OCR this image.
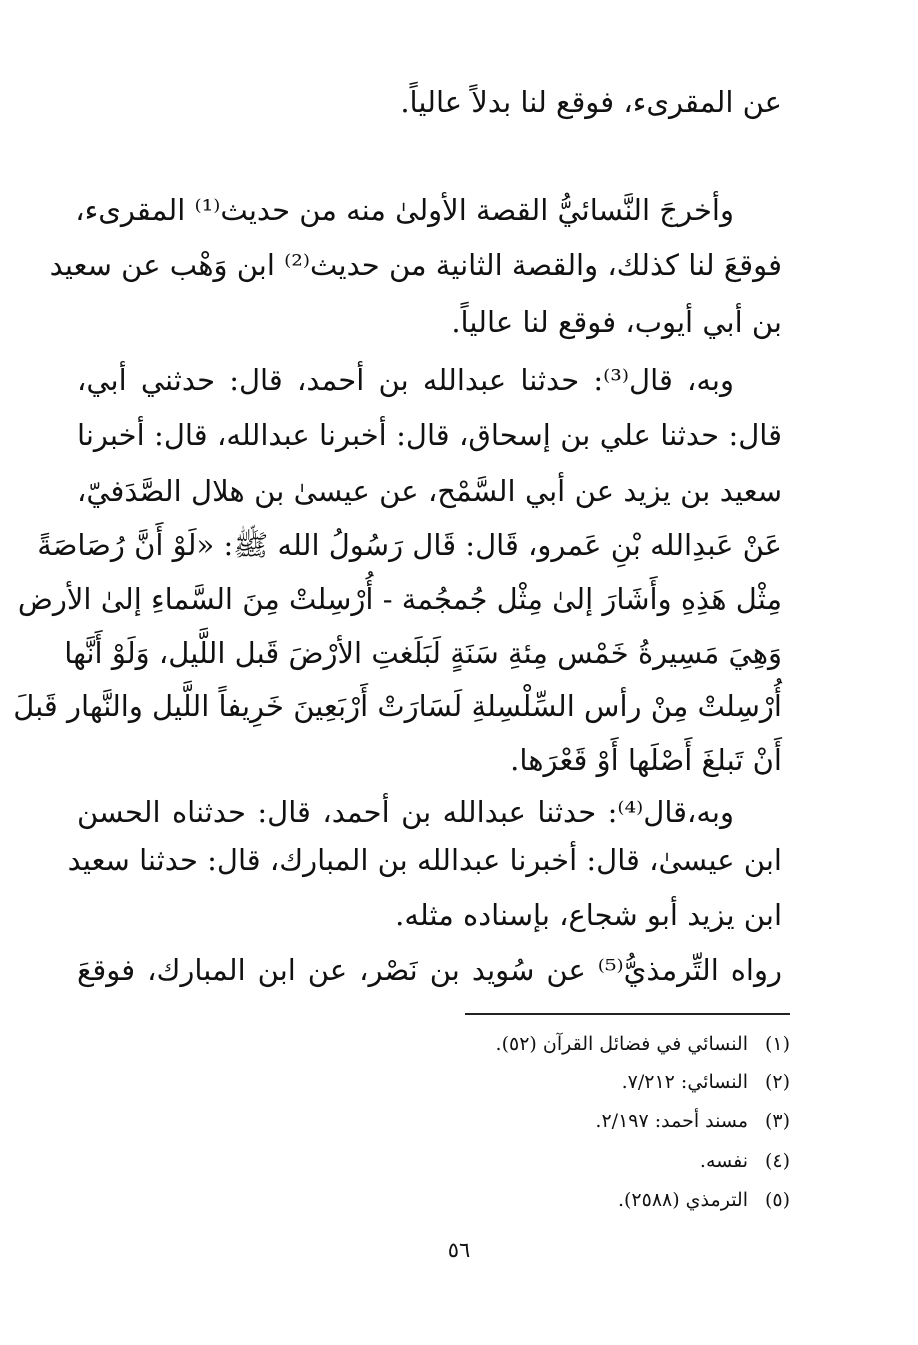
عن المقرىء، فوقع لنا بدلاً عالياً.
وأخرجَ النَّسائيُّ القصة الأولىٰ منه من حديث⁽¹⁾ المقرىء،
فوقعَ لنا كذلك، والقصة الثانية من حديث⁽²⁾ ابن وَهْب عن سعيد
بن أبي أيوب، فوقع لنا عالياً.
وبه، قال⁽³⁾: حدثنا عبدالله بن أحمد، قال: حدثني أبي،
قال: حدثنا علي بن إسحاق، قال: أخبرنا عبدالله، قال: أخبرنا
سعيد بن يزيد عن أبي السَّمْح، عن عيسىٰ بن هلال الصَّدَفيّ،
عَنْ عَبدِالله بْنِ عَمرو، قَال: قَال رَسُولُ الله ﷺ: «لَوْ أَنَّ رُصَاصَةً
مِثْل هَذِهِ وأَشَارَ إلىٰ مِثْل جُمجُمة - أُرْسِلتْ مِنَ السَّماءِ إلىٰ الأرض
وَهِيَ مَسِيرةُ خَمْس مِئةِ سَنَةٍ لَبَلَغتِ الأرْضَ قَبل اللَّيل، وَلَوْ أَنَّها
أُرْسِلتْ مِنْ رأس السِّلْسِلةِ لَسَارَتْ أَرْبَعِينَ خَرِيفاً اللَّيل والنَّهار قَبلَ
أَنْ تَبلغَ أَصْلَها أَوْ قَعْرَها.
وبه،قال⁽⁴⁾: حدثنا عبدالله بن أحمد، قال: حدثناه الحسن
ابن عيسىٰ، قال: أخبرنا عبدالله بن المبارك، قال: حدثنا سعيد
ابن يزيد أبو شجاع، بإسناده مثله.
رواه التِّرمذيُّ⁽⁵⁾ عن سُويد بن نَصْر، عن ابن المبارك، فوقعَ
(١)النسائي في فضائل القرآن (٥٢).
(٢)النسائي: ٧/٢١٢.
(٣)مسند أحمد: ٢/١٩٧.
(٤)نفسه.
(٥)الترمذي (٢٥٨٨).
٥٦
